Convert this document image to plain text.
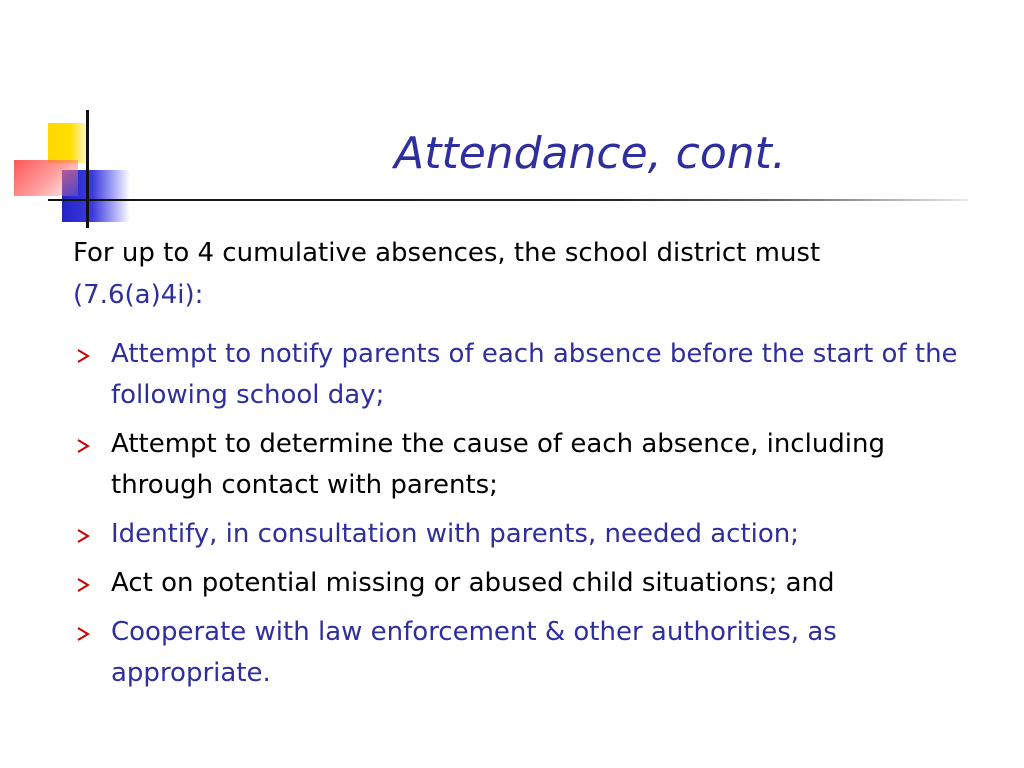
Attendance, cont.

For up to 4 cumulative absences, the school district must
(7.6(a)4i):

Attempt to notify parents of each absence before the start of the following school day;
Attempt to determine the cause of each absence, including through contact with parents;
Identify, in consultation with parents, needed action;
Act on potential missing or abused child situations; and
Cooperate with law enforcement & other authorities, as appropriate.
